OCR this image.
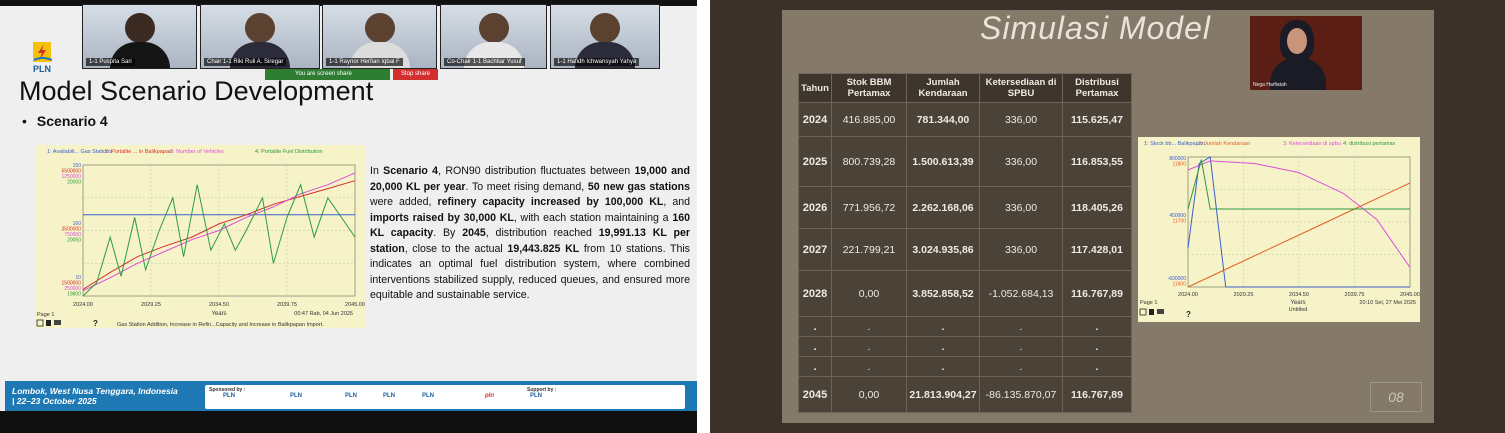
1-1 Puspita Sari	Chair 1-1 Riki Ruli A. Siregar	1-1 Raynor Herfian Iqbal F	Co-Chair 1-1 Bachtiar Yusuf	1-1 Hafidh Ichwansyah Yahya
You are screen share	Stop share
PLN
Model Scenario Development
• Scenario 4
1: Availabili... Gas Stations
2: Portalite ... in Balikpapan
3: Number of Vehicles	4: Portalite Fuel Distribution
150
5500000
1250000
20000
160
3500000
750000
20050
10
1500000
250000
19800
2024.00	2029.25	2034.50	2039.75	2045.00
Years	00:47 Rab, 04 Jun 2025
Page 1
Gas Station Addition, Increase in Refin...Capacity and Increase in Balikpapan Import.
?
In Scenario 4, RON90 distribution fluctuates between 19,000 and 20,000 KL per year. To meet rising demand, 50 new gas stations were added, refinery capacity increased by 100,000 KL, and imports raised by 30,000 KL, with each station maintaining a 160 KL capacity. By 2045, distribution reached 19,991.13 KL per station, close to the actual 19,443.825 KL from 10 stations. This indicates an optimal fuel distribution system, where combined interventions stabilized supply, reduced queues, and ensured more equitable and sustainable service.
Lombok, West Nusa Tenggara, Indonesia
| 22–23 October 2025
Sponsored by :
PLN	PLN	PLN	PLN	PLN	pln
Support by :
PLN
Simulasi Model
Tahun	Stok BBM Pertamax	Jumlah Kendaraan	Ketersediaan di SPBU	Distribusi Pertamax
2024	416.885,00	781.344,00	336,00	115.625,47
2025	800.739,28	1.500.613,39	336,00	116.853,55
2026	771.956,72	2.262.168,06	336,00	118.405,26
2027	221.799,21	3.024.935,86	336,00	117.428,01
2028	0,00	3.852.858,52	-1.052.684,13	116.767,89
.	.	.	.	.
.	.	.	.	.
.	.	.	.	.
2045	0,00	21.813.904,27	-86.135.870,07	116.767,89
1: Stock bb... Balikpapan
2: Jumlah Kendaraan	3: Ketersediaan di spbu 4: distribusi pertamax
800000
11800
450000
11700
-600000
11600
2024.00	2029.25	2034.50	2039.75	2045.00
Years
Untitled
20:10 Sel, 27 Mei 2025
Page 1
?
Nega Harfiatah
08
